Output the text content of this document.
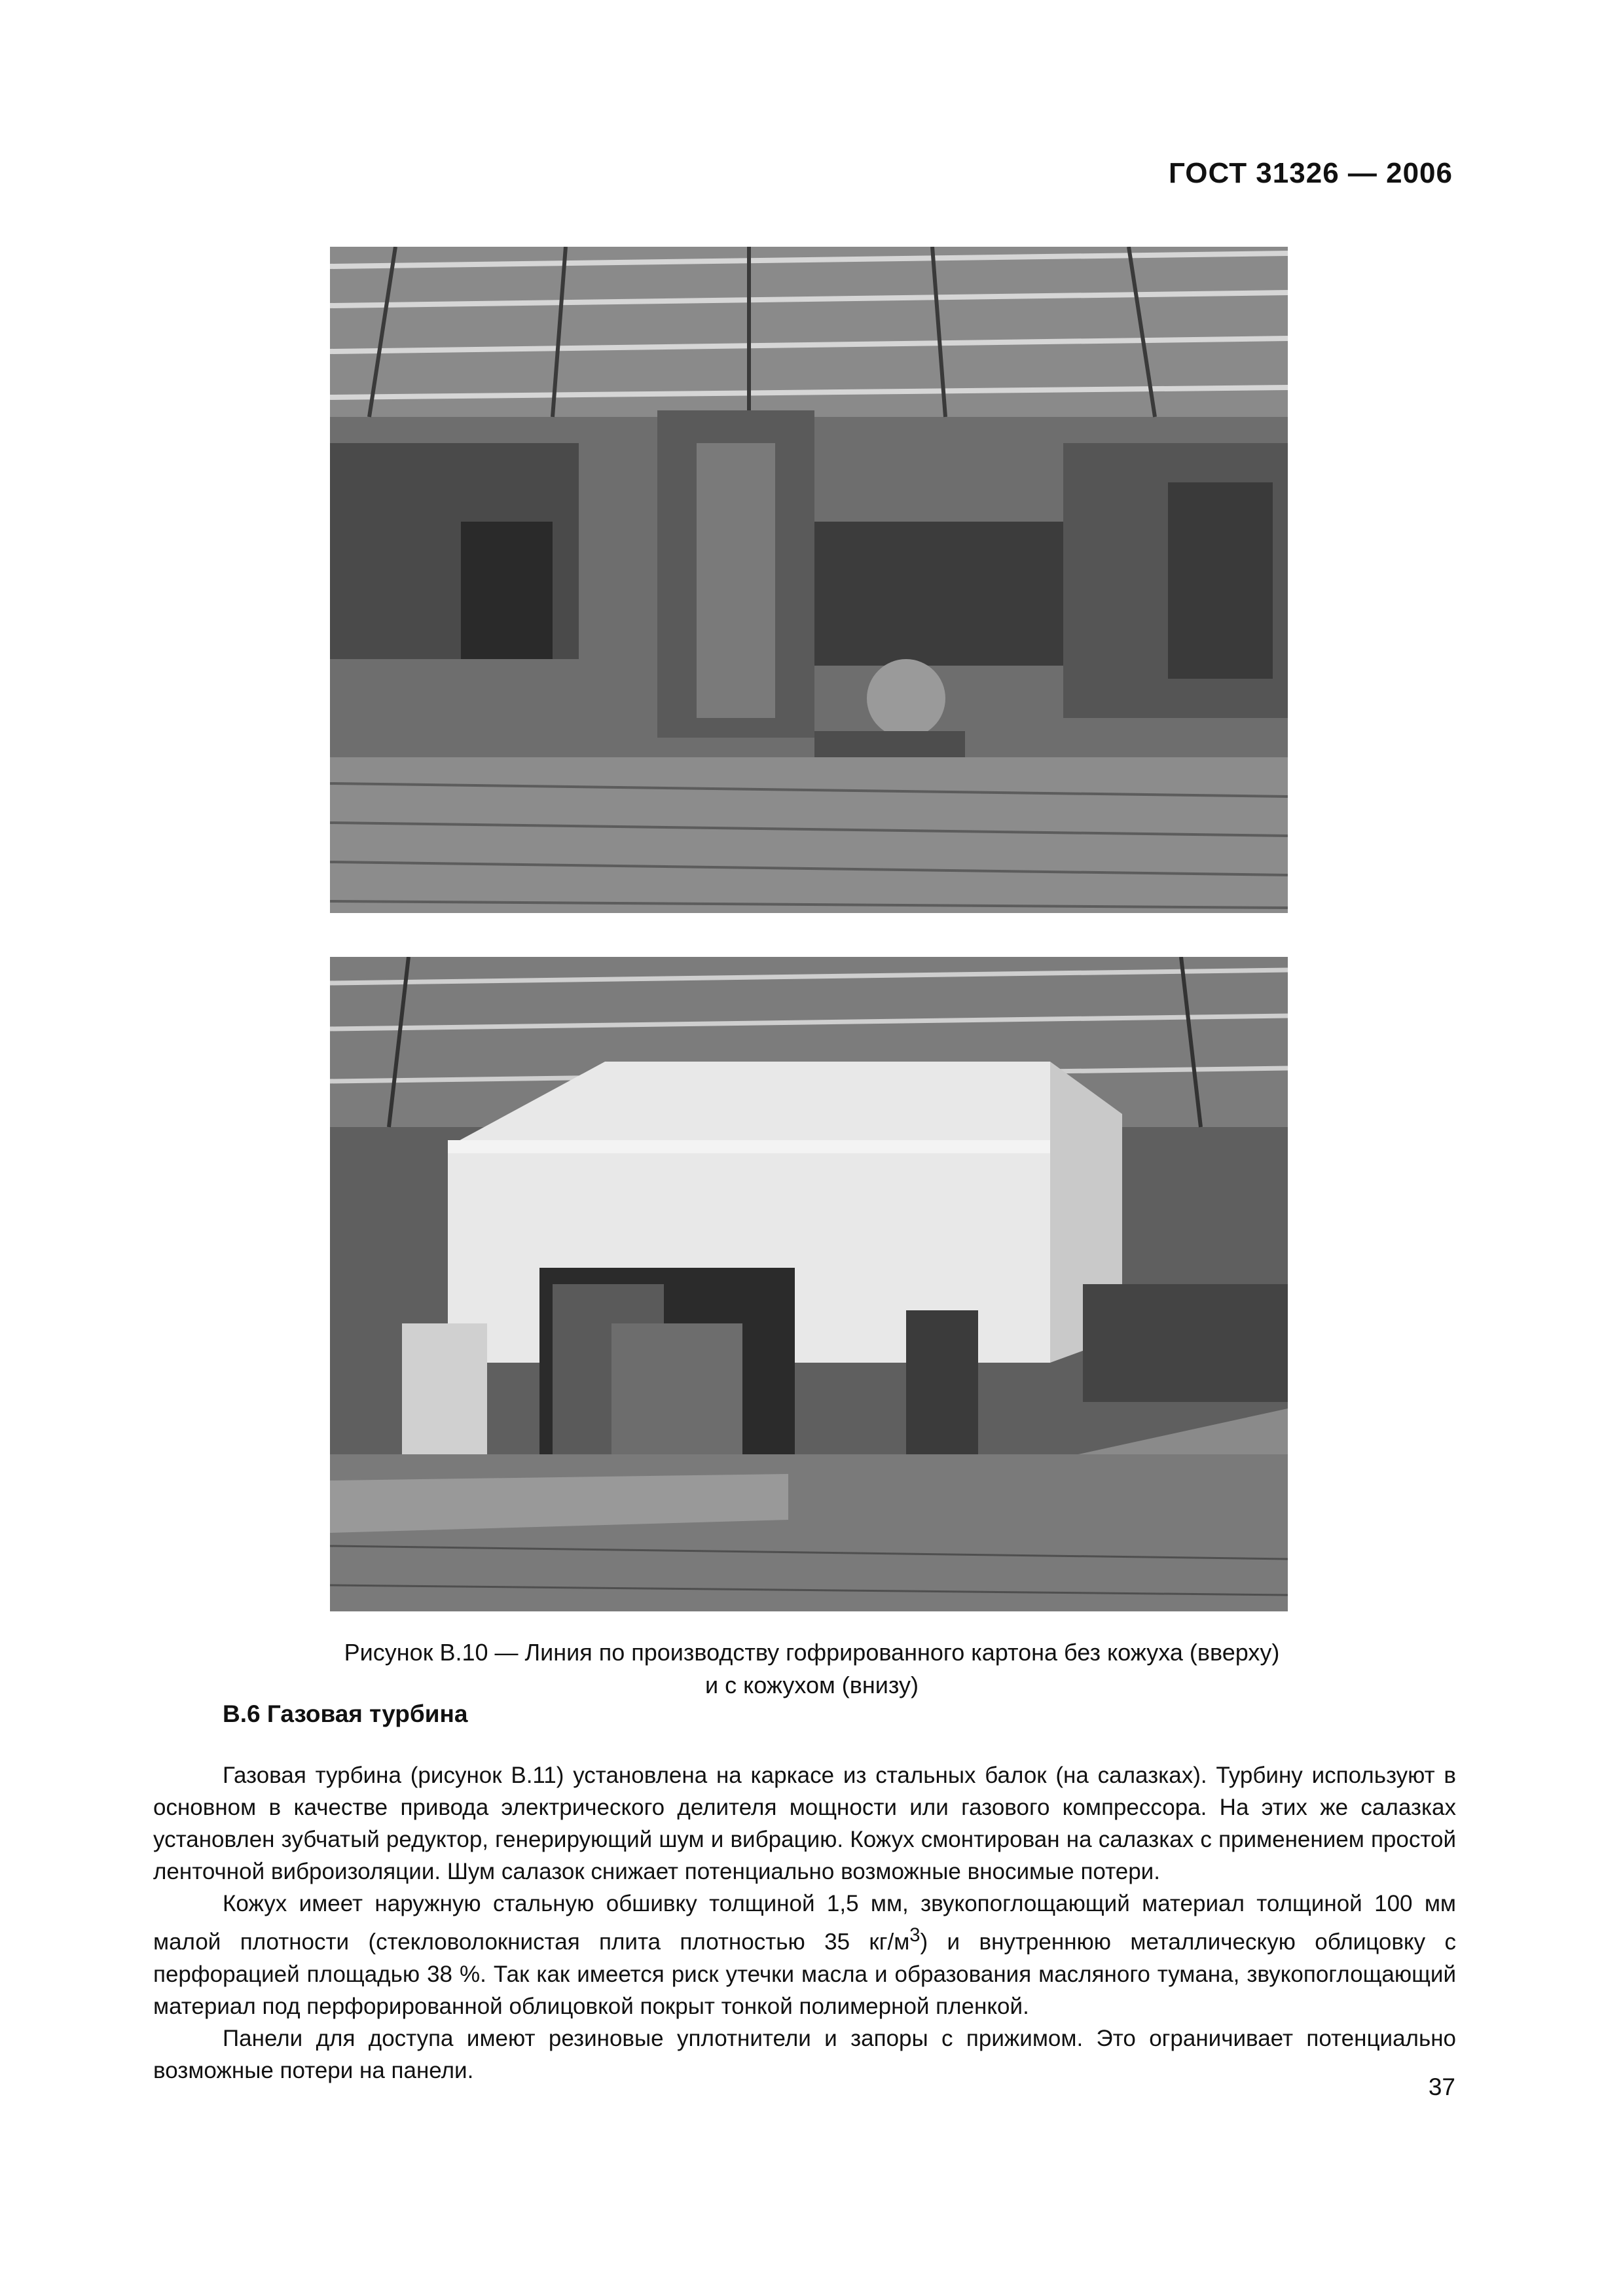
ГОСТ 31326 — 2006
Рисунок В.10 — Линия по производству гофрированного картона без кожуха (вверху)
и с кожухом (внизу)
В.6 Газовая турбина

Газовая турбина (рисунок В.11) установлена на каркасе из стальных балок (на салазках). Турбину используют в основном в качестве привода электрического делителя мощности или газового компрессора. На этих же салазках установлен зубчатый редуктор, генерирующий шум и вибрацию. Кожух смонтирован на салазках с применением простой ленточной виброизоляции. Шум салазок снижает потенциально возможные вносимые потери.

Кожух имеет наружную стальную обшивку толщиной 1,5 мм, звукопоглощающий материал толщиной 100 мм малой плотности (стекловолокнистая плита плотностью 35 $кг/м^3$) и внутреннюю металлическую облицовку с перфорацией площадью 38 %. Так как имеется риск утечки масла и образования масляного тумана, звукопоглощающий материал под перфорированной облицовкой покрыт тонкой полимерной пленкой.

Панели для доступа имеют резиновые уплотнители и запоры с прижимом. Это ограничивает потенциально возможные потери на панели.

37
